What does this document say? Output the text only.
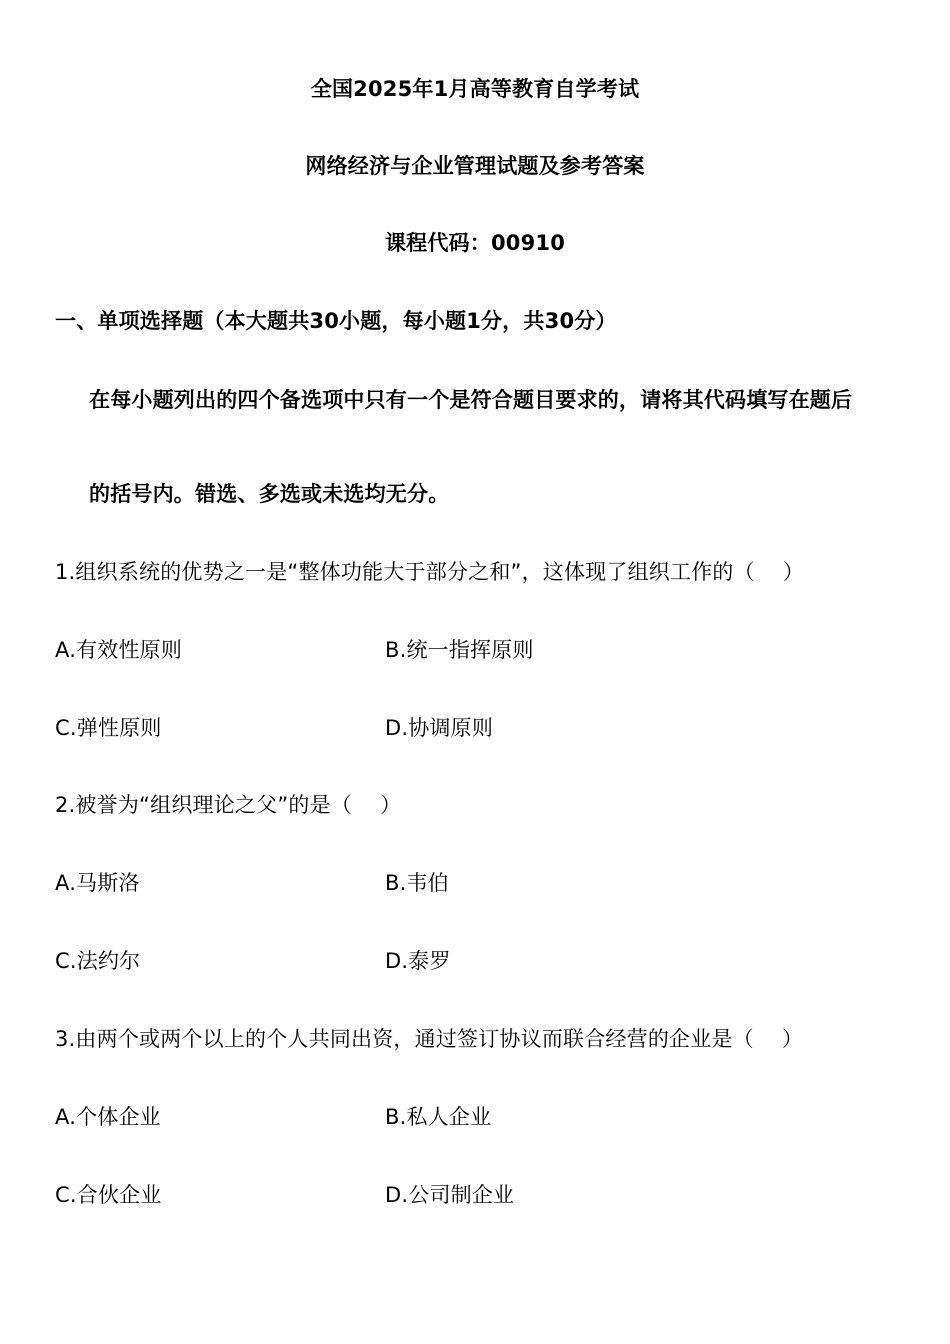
全国2025年1月高等教育自学考试
网络经济与企业管理试题及参考答案
课程代码：00910
一、单项选择题（本大题共30小题，每小题1分，共30分）
在每小题列出的四个备选项中只有一个是符合题目要求的，请将其代码填写在题后
的括号内。错选、多选或未选均无分。
1.组织系统的优势之一是“整体功能大于部分之和”，这体现了组织工作的（　 ）
A.有效性原则	B.统一指挥原则
C.弹性原则	D.协调原则
2.被誉为“组织理论之父”的是（　 ）
A.马斯洛	B.韦伯
C.法约尔	D.泰罗
3.由两个或两个以上的个人共同出资，通过签订协议而联合经营的企业是（　 ）
A.个体企业	B.私人企业
C.合伙企业	D.公司制企业
